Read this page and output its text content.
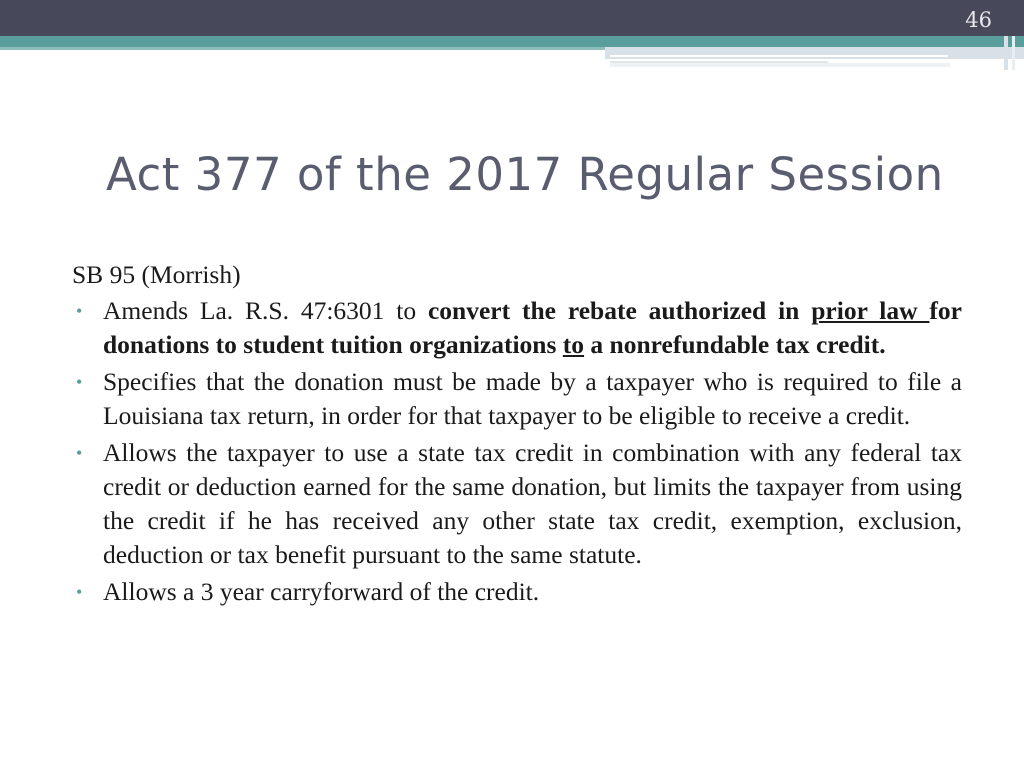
46
Act 377 of the 2017 Regular Session
SB 95 (Morrish)
• Amends La. R.S. 47:6301 to convert the rebate authorized in prior law for donations to student tuition organizations to a nonrefundable tax credit.
• Specifies that the donation must be made by a taxpayer who is required to file a Louisiana tax return, in order for that taxpayer to be eligible to receive a credit.
• Allows the taxpayer to use a state tax credit in combination with any federal tax credit or deduction earned for the same donation, but limits the taxpayer from using the credit if he has received any other state tax credit, exemption, exclusion, deduction or tax benefit pursuant to the same statute.
• Allows a 3 year carryforward of the credit.
